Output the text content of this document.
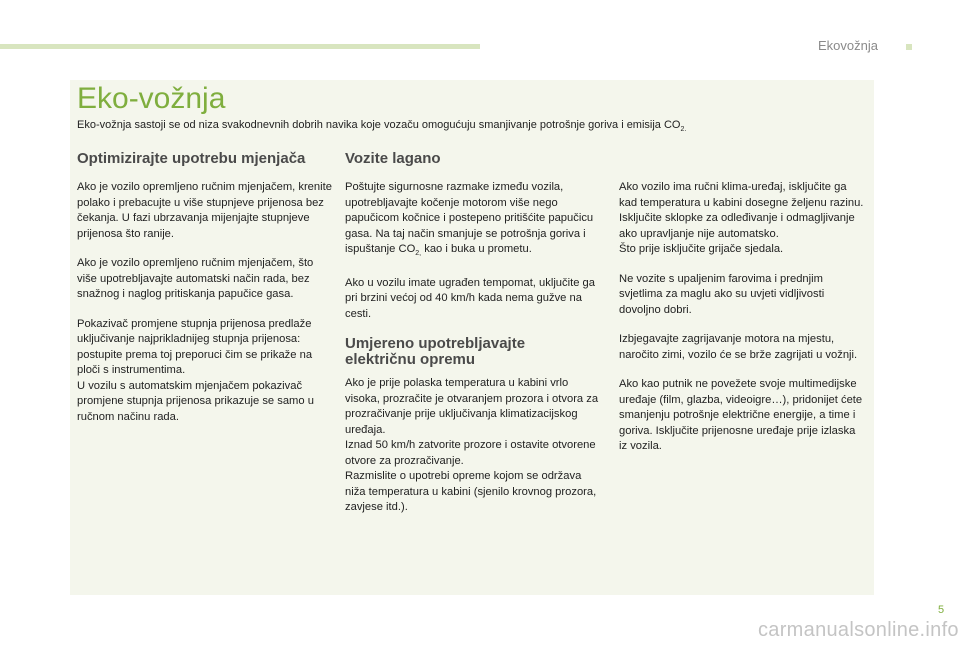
Ekovožnja
Eko-vožnja
Eko-vožnja sastoji se od niza svakodnevnih dobrih navika koje vozaču omogućuju smanjivanje potrošnje goriva i emisija $CO_{2.}$
Optimizirajte upotrebu mjenjača

Ako je vozilo opremljeno ručnim mjenjačem, krenite polako i prebacujte u više stupnjeve prijenosa bez čekanja. U fazi ubrzavanja mijenjajte stupnjeve prijenosa što ranije.

Ako je vozilo opremljeno ručnim mjenjačem, što više upotrebljavajte automatski način rada, bez snažnog i naglog pritiskanja papučice gasa.

Pokazivač promjene stupnja prijenosa predlaže uključivanje najprikladnijeg stupnja prijenosa: postupite prema toj preporuci čim se prikaže na ploči s instrumentima.
U vozilu s automatskim mjenjačem pokazivač promjene stupnja prijenosa prikazuje se samo u ručnom načinu rada.

Vozite lagano

Poštujte sigurnosne razmake između vozila, upotrebljavajte kočenje motorom više nego papučicom kočnice i postepeno pritišćite papučicu gasa. Na taj način smanjuje se potrošnja goriva i ispuštanje $CO_{2,}$ kao i buka u prometu.

Ako u vozilu imate ugrađen tempomat, uključite ga pri brzini većoj od 40 km/h kada nema gužve na cesti.

Umjereno upotrebljavajte električnu opremu

Ako je prije polaska temperatura u kabini vrlo visoka, prozračite je otvaranjem prozora i otvora za prozračivanje prije uključivanja klimatizacijskog uređaja.
Iznad 50 km/h zatvorite prozore i ostavite otvorene otvore za prozračivanje.
Razmislite o upotrebi opreme kojom se održava niža temperatura u kabini (sjenilo krovnog prozora, zavjese itd.).

Ako vozilo ima ručni klima-uređaj, isključite ga kad temperatura u kabini dosegne željenu razinu.
Isključite sklopke za odleđivanje i odmagljivanje ako upravljanje nije automatsko.
Što prije isključite grijače sjedala.

Ne vozite s upaljenim farovima i prednjim svjetlima za maglu ako su uvjeti vidljivosti dovoljno dobri.

Izbjegavajte zagrijavanje motora na mjestu, naročito zimi, vozilo će se brže zagrijati u vožnji.

Ako kao putnik ne povežete svoje multimedijske uređaje (film, glazba, videoigre…), pridonijet ćete smanjenju potrošnje električne energije, a time i goriva. Isključite prijenosne uređaje prije izlaska iz vozila.

5
carmanualsonline.info
